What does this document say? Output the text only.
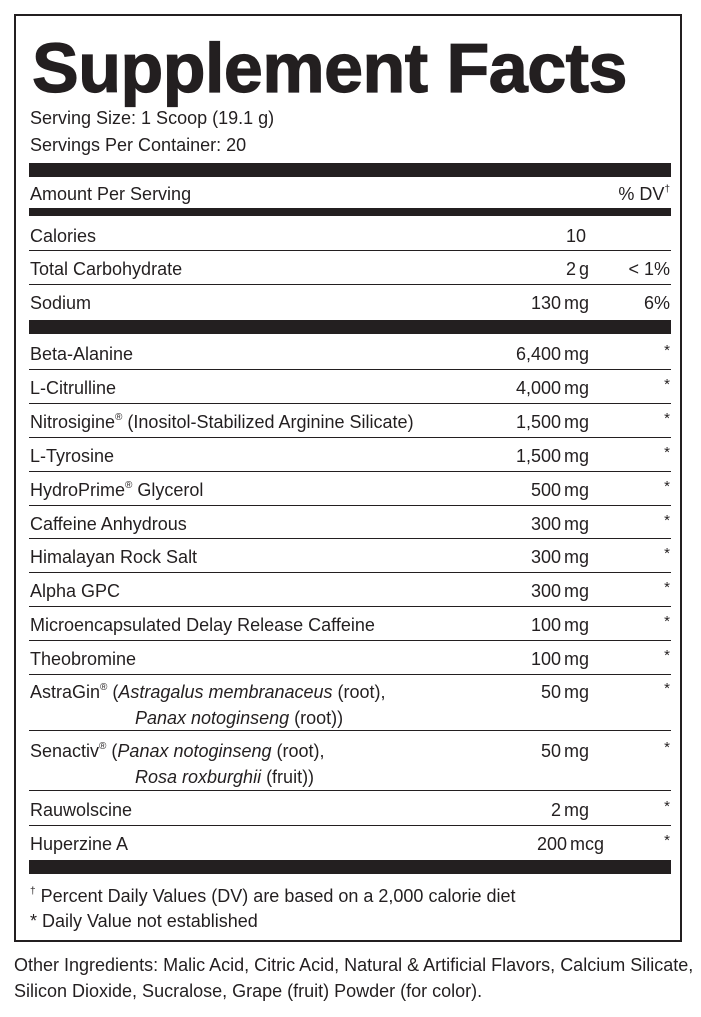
Supplement Facts
Serving Size: 1 Scoop (19.1 g)
Servings Per Container: 20
Amount Per Serving	% DV†
Calories	10
Total Carbohydrate	2 g < 1%
Sodium	130 mg	6%
Beta-Alanine	6,400 mg	*
L-Citrulline	4,000 mg	*
Nitrosigine® (Inositol-Stabilized Arginine Silicate)	1,500 mg	*
L-Tyrosine	1,500 mg	*
HydroPrime® Glycerol	500 mg	*
Caffeine Anhydrous	300 mg	*
Himalayan Rock Salt	300 mg	*
Alpha GPC	300 mg	*
Microencapsulated Delay Release Caffeine	100 mg	*
Theobromine	100 mg	*
AstraGin® (Astragalus membranaceus (root),
Panax notoginseng (root))
50 mg	*
Senactiv® (Panax notoginseng (root),
Rosa roxburghii (fruit))
50 mg	*
Rauwolscine	2 mg	*
Huperzine A	200 mcg	*
† Percent Daily Values (DV) are based on a 2,000 calorie diet
* Daily Value not established
Other Ingredients: Malic Acid, Citric Acid, Natural & Artificial Flavors, Calcium Silicate, Silicon Dioxide, Sucralose, Grape (fruit) Powder (for color).
